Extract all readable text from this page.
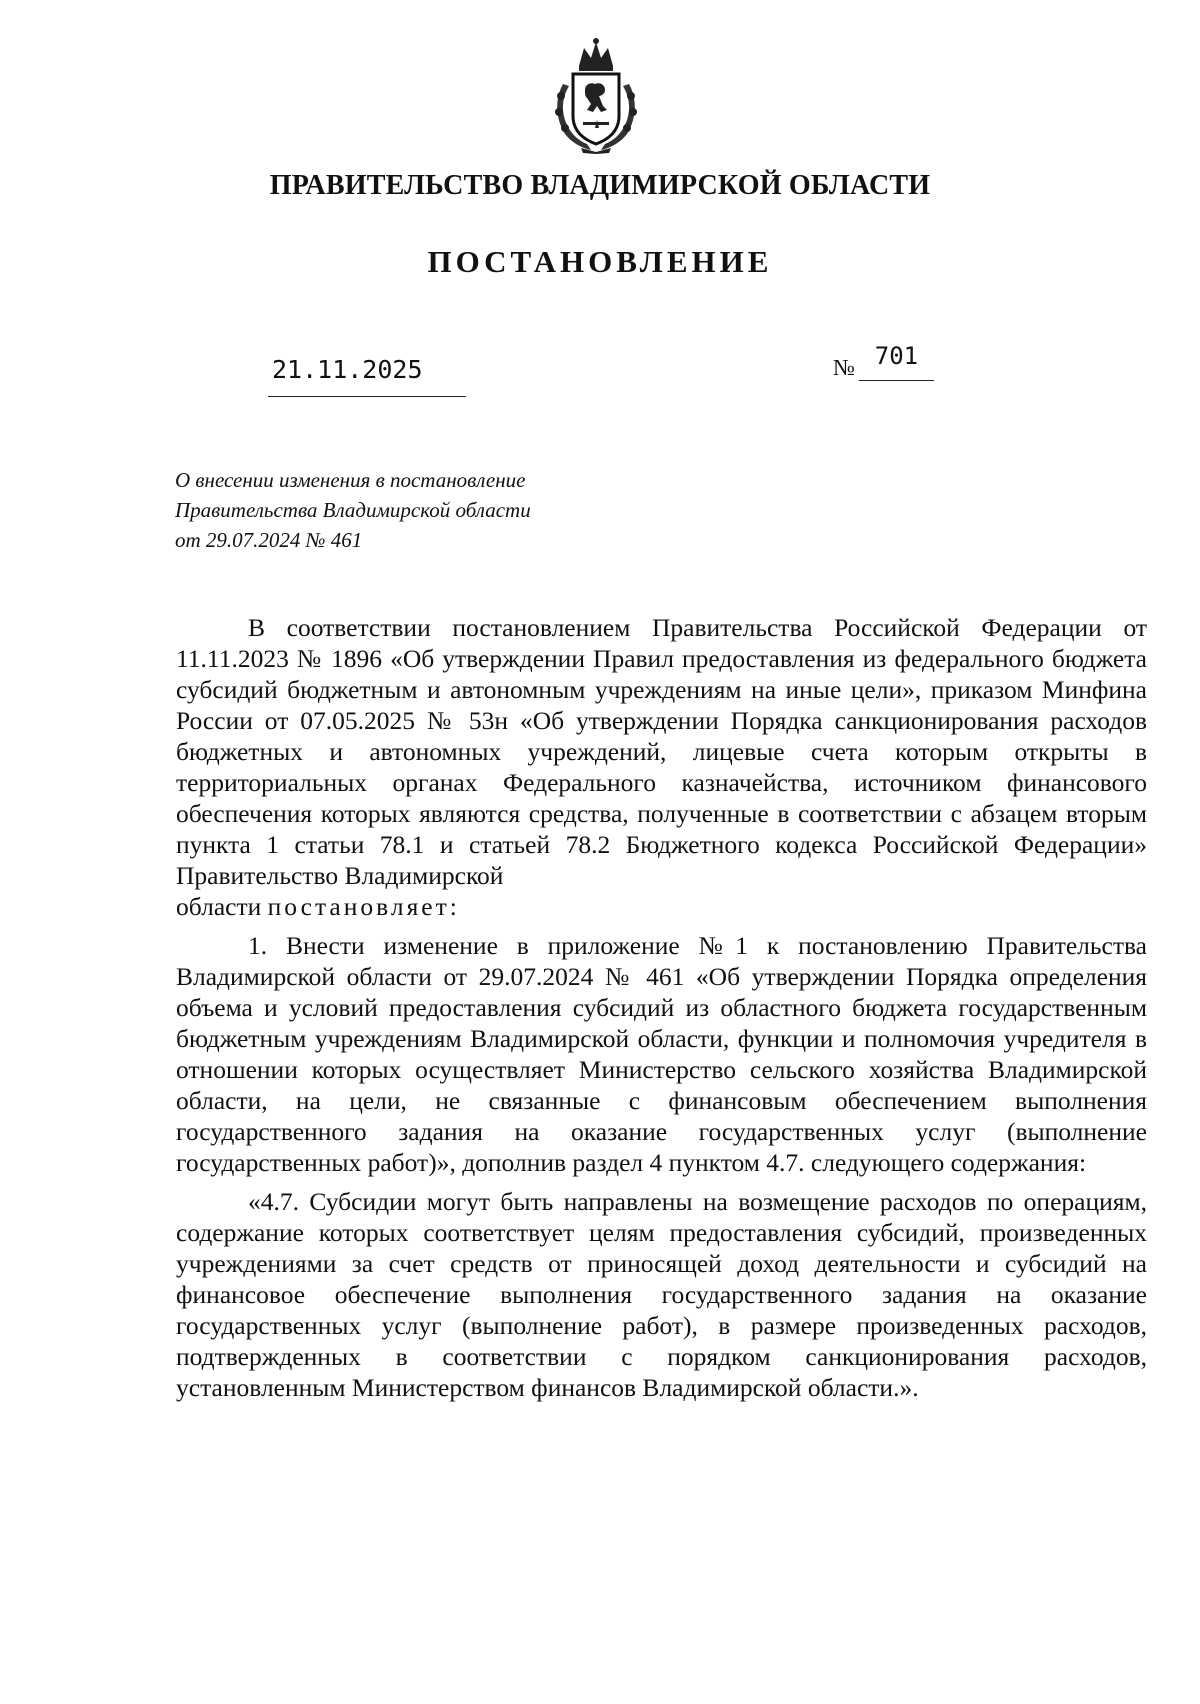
ПРАВИТЕЛЬСТВО ВЛАДИМИРСКОЙ ОБЛАСТИ
ПОСТАНОВЛЕНИЕ
21.11.2025	№ 701
О внесении изменения в постановление
Правительства Владимирской области
от 29.07.2024 № 461

В соответствии постановлением Правительства Российской Федерации от 11.11.2023 № 1896 «Об утверждении Правил предоставления из федерального бюджета субсидий бюджетным и автономным учреждениям на иные цели», приказом Минфина России от 07.05.2025 № 53н «Об утверждении Порядка санкционирования расходов бюджетных и автономных учреждений, лицевые счета которым открыты в территориальных органах Федерального казначейства, источником финансового обеспечения которых являются средства, полученные в соответствии с абзацем вторым пункта 1 статьи 78.1 и статьей 78.2 Бюджетного кодекса Российской Федерации» Правительство Владимирской
области постановляет:

1. Внести изменение в приложение №1 к постановлению Правительства Владимирской области от 29.07.2024 № 461 «Об утверждении Порядка определения объема и условий предоставления субсидий из областного бюджета государственным бюджетным учреждениям Владимирской области, функции и полномочия учредителя в отношении которых осуществляет Министерство сельского хозяйства Владимирской области, на цели, не связанные с финансовым обеспечением выполнения государственного задания на оказание государственных услуг (выполнение государственных работ)», дополнив раздел 4 пунктом 4.7. следующего содержания:

«4.7. Субсидии могут быть направлены на возмещение расходов по операциям, содержание которых соответствует целям предоставления субсидий, произведенных учреждениями за счет средств от приносящей доход деятельности и субсидий на финансовое обеспечение выполнения государственного задания на оказание государственных услуг (выполнение работ), в размере произведенных расходов, подтвержденных в соответствии с порядком санкционирования расходов, установленным Министерством финансов Владимирской области.».
